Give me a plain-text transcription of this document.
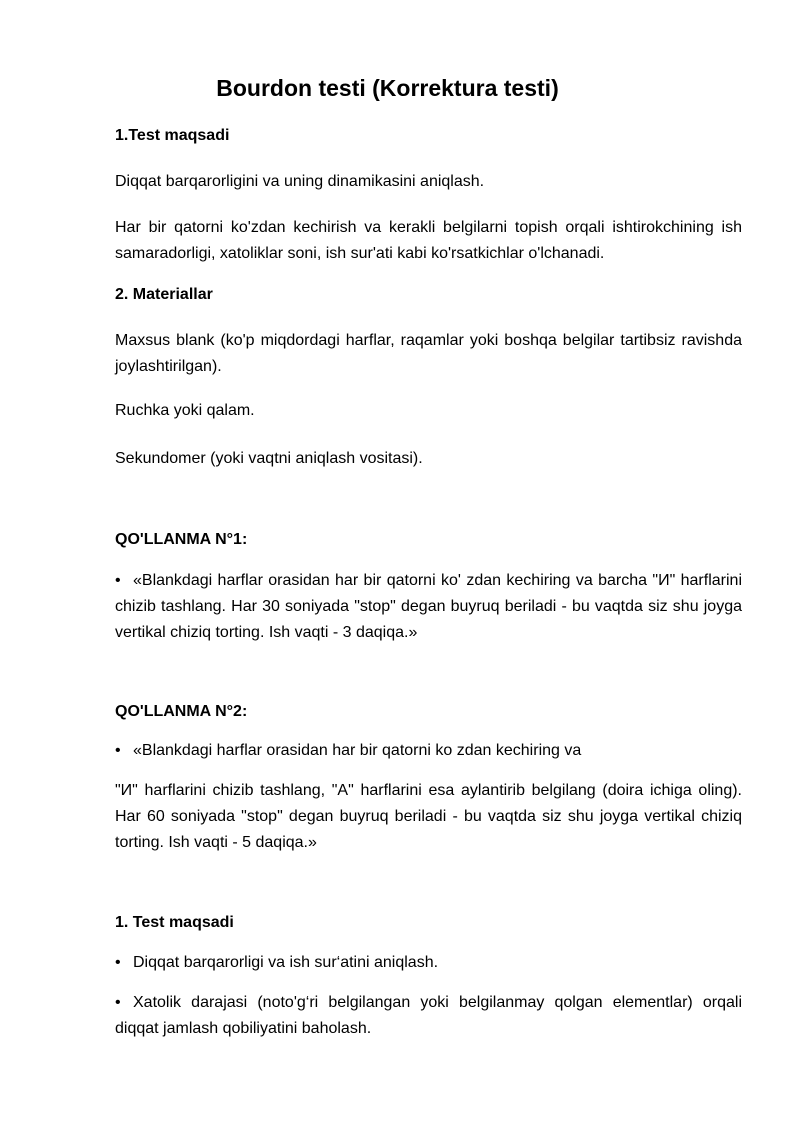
Bourdon testi (Korrektura testi)
1.Test maqsadi

Diqqat barqarorligini va uning dinamikasini aniqlash.

Har bir qatorni ko'zdan kechirish va kerakli belgilarni topish orqali ishtirokchining ish samaradorligi, xatoliklar soni, ish sur'ati kabi ko'rsatkichlar o'lchanadi.

2. Materiallar

Maxsus blank (ko'p miqdordagi harflar, raqamlar yoki boshqa belgilar tartibsiz ravishda joylashtirilgan).

Ruchka yoki qalam.

Sekundomer (yoki vaqtni aniqlash vositasi).

QO'LLANMA N°1:

• «Blankdagi harflar orasidan har bir qatorni ko' zdan kechiring va barcha "И" harflarini chizib tashlang. Har 30 soniyada "stop" degan buyruq beriladi - bu vaqtda siz shu joyga vertikal chiziq torting. Ish vaqti - 3 daqiqa.»

QO'LLANMA N°2:

• «Blankdagi harflar orasidan har bir qatorni ko zdan kechiring va

"И" harflarini chizib tashlang, "A" harflarini esa aylantirib belgilang (doira ichiga oling). Har 60 soniyada "stop" degan buyruq beriladi - bu vaqtda siz shu joyga vertikal chiziq torting. Ish vaqti - 5 daqiqa.»

1. Test maqsadi

• Diqqat barqarorligi va ish sur‘atini aniqlash.

• Xatolik darajasi (noto'g‘ri belgilangan yoki belgilanmay qolgan elementlar) orqali diqqat jamlash qobiliyatini baholash.
